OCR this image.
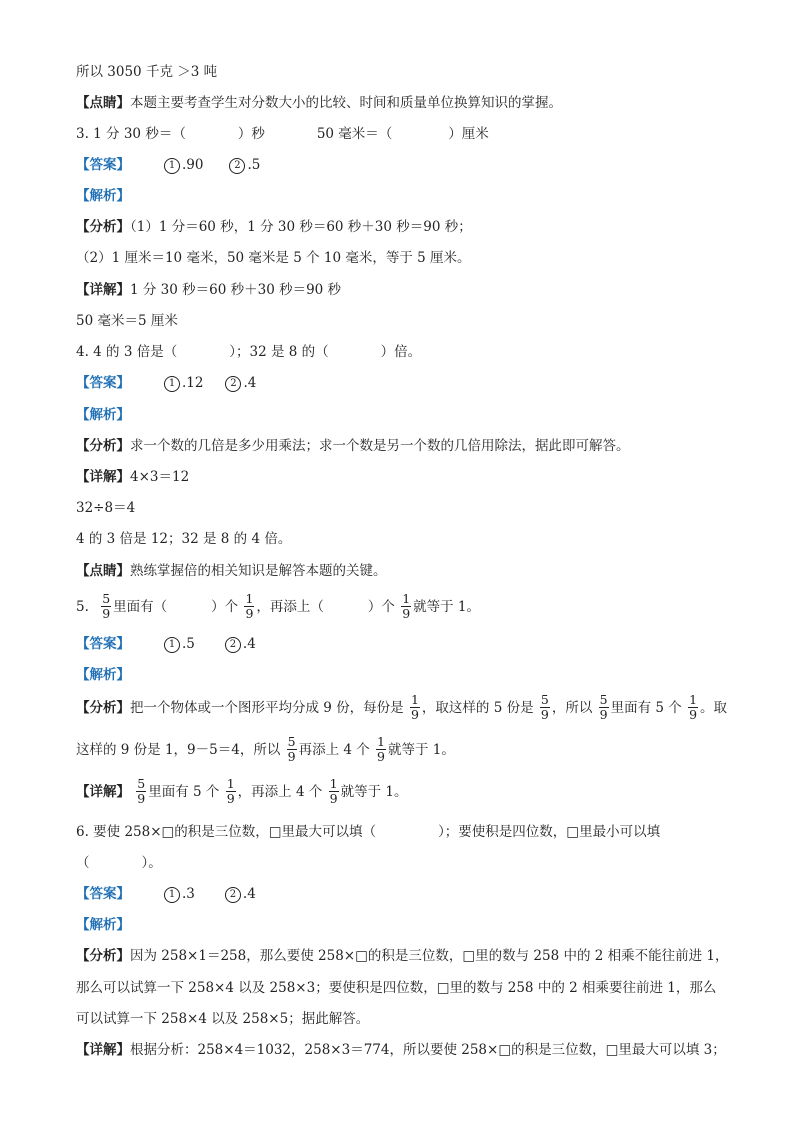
所以 3050 千克 ＞3 吨
【点睛】本题主要考查学生对分数大小的比较、时间和质量单位换算知识的掌握。
3. 1 分 30 秒＝（	）秒	50 毫米＝（	）厘米
【答案】	1 .90	2 .5
【解析】
【分析】（1）1 分＝60 秒，1 分 30 秒＝60 秒＋30 秒＝90 秒；
（2）1 厘米＝10 毫米，50 毫米是 5 个 10 毫米，等于 5 厘米。
【详解】1 分 30 秒＝60 秒＋30 秒＝90 秒
50 毫米＝5 厘米
4. 4 的 3 倍是（	）；32 是 8 的（	）倍。
【答案】	1 .12	2 .4
【解析】
【分析】求一个数的几倍是多少用乘法；求一个数是另一个数的几倍用除法，据此即可解答。
【详解】4×3＝12
32÷8＝4
4 的 3 倍是 12；32 是 8 的 4 倍。
【点睛】熟练掌握倍的相关知识是解答本题的关键。
5. $\frac{5}{9}$ 里面有（	）个 $\frac{1}{9}$ ，再添上（	）个 $\frac{1}{9}$ 就等于 1。
【答案】	1 .5	2 .4
【解析】
【分析】把一个物体或一个图形平均分成 9 份，每份是 $\frac{1}{9}$ ，取这样的 5 份是 $\frac{5}{9}$ ，所以 $\frac{5}{9}$ 里面有 5 个 $\frac{1}{9}$ 。取
这样的 9 份是 1，9－5＝4，所以 $\frac{5}{9}$ 再添上 4 个 $\frac{1}{9}$ 就等于 1。
【详解】 $\frac{5}{9}$ 里面有 5 个 $\frac{1}{9}$ ，再添上 4 个 $\frac{1}{9}$ 就等于 1。
6. 要使 258×□的积是三位数，□里最大可以填（	）；要使积是四位数，□里最小可以填
（	）。
【答案】	1 .3	2 .4
【解析】
【分析】因为 258×1＝258，那么要使 258×□的积是三位数，□里的数与 258 中的 2 相乘不能往前进 1，
那么可以试算一下 258×4 以及 258×3；要使积是四位数，□里的数与 258 中的 2 相乘要往前进 1，那么
可以试算一下 258×4 以及 258×5；据此解答。
【详解】根据分析：258×4＝1032，258×3＝774，所以要使 258×□的积是三位数，□里最大可以填 3；
